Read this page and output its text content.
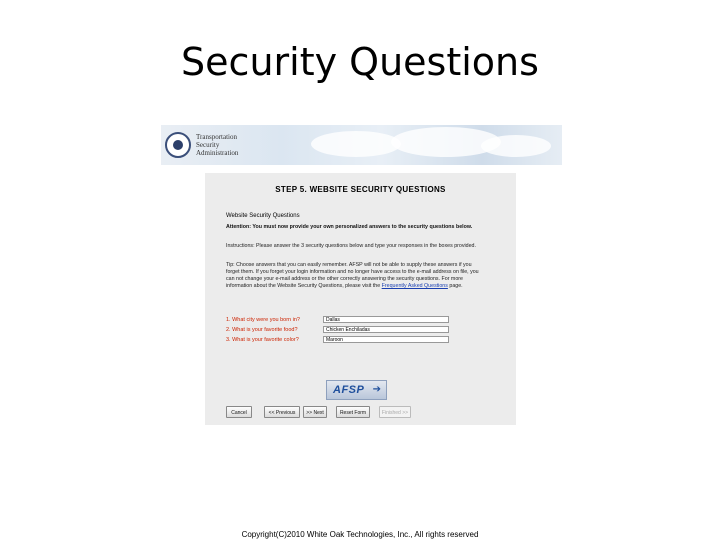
Security Questions
Transportation
Security
Administration
STEP 5. WEBSITE SECURITY QUESTIONS
Website Security Questions
Attention: You must now provide your own personalized answers to the security questions below.
Instructions: Please answer the 3 security questions below and type your responses in the boxes provided.
Tip: Choose answers that you can easily remember. AFSP will not be able to supply these answers if you forget them. If you forget your login information and no longer have access to the e-mail address on file, you can not change your e-mail address or the other correctly answering the security questions. For more information about the Website Security Questions, please visit the Frequently Asked Questions page.
1. What city were you born in?	Dallas
2. What is your favorite food?	Chicken Enchiladas
3. What is your favorite color?	Maroon
AFSP ➔
Cancel	<< Previous	>> Next	Reset Form	Finished >>
Copyright(C)2010 White Oak Technologies, Inc., All rights reserved
